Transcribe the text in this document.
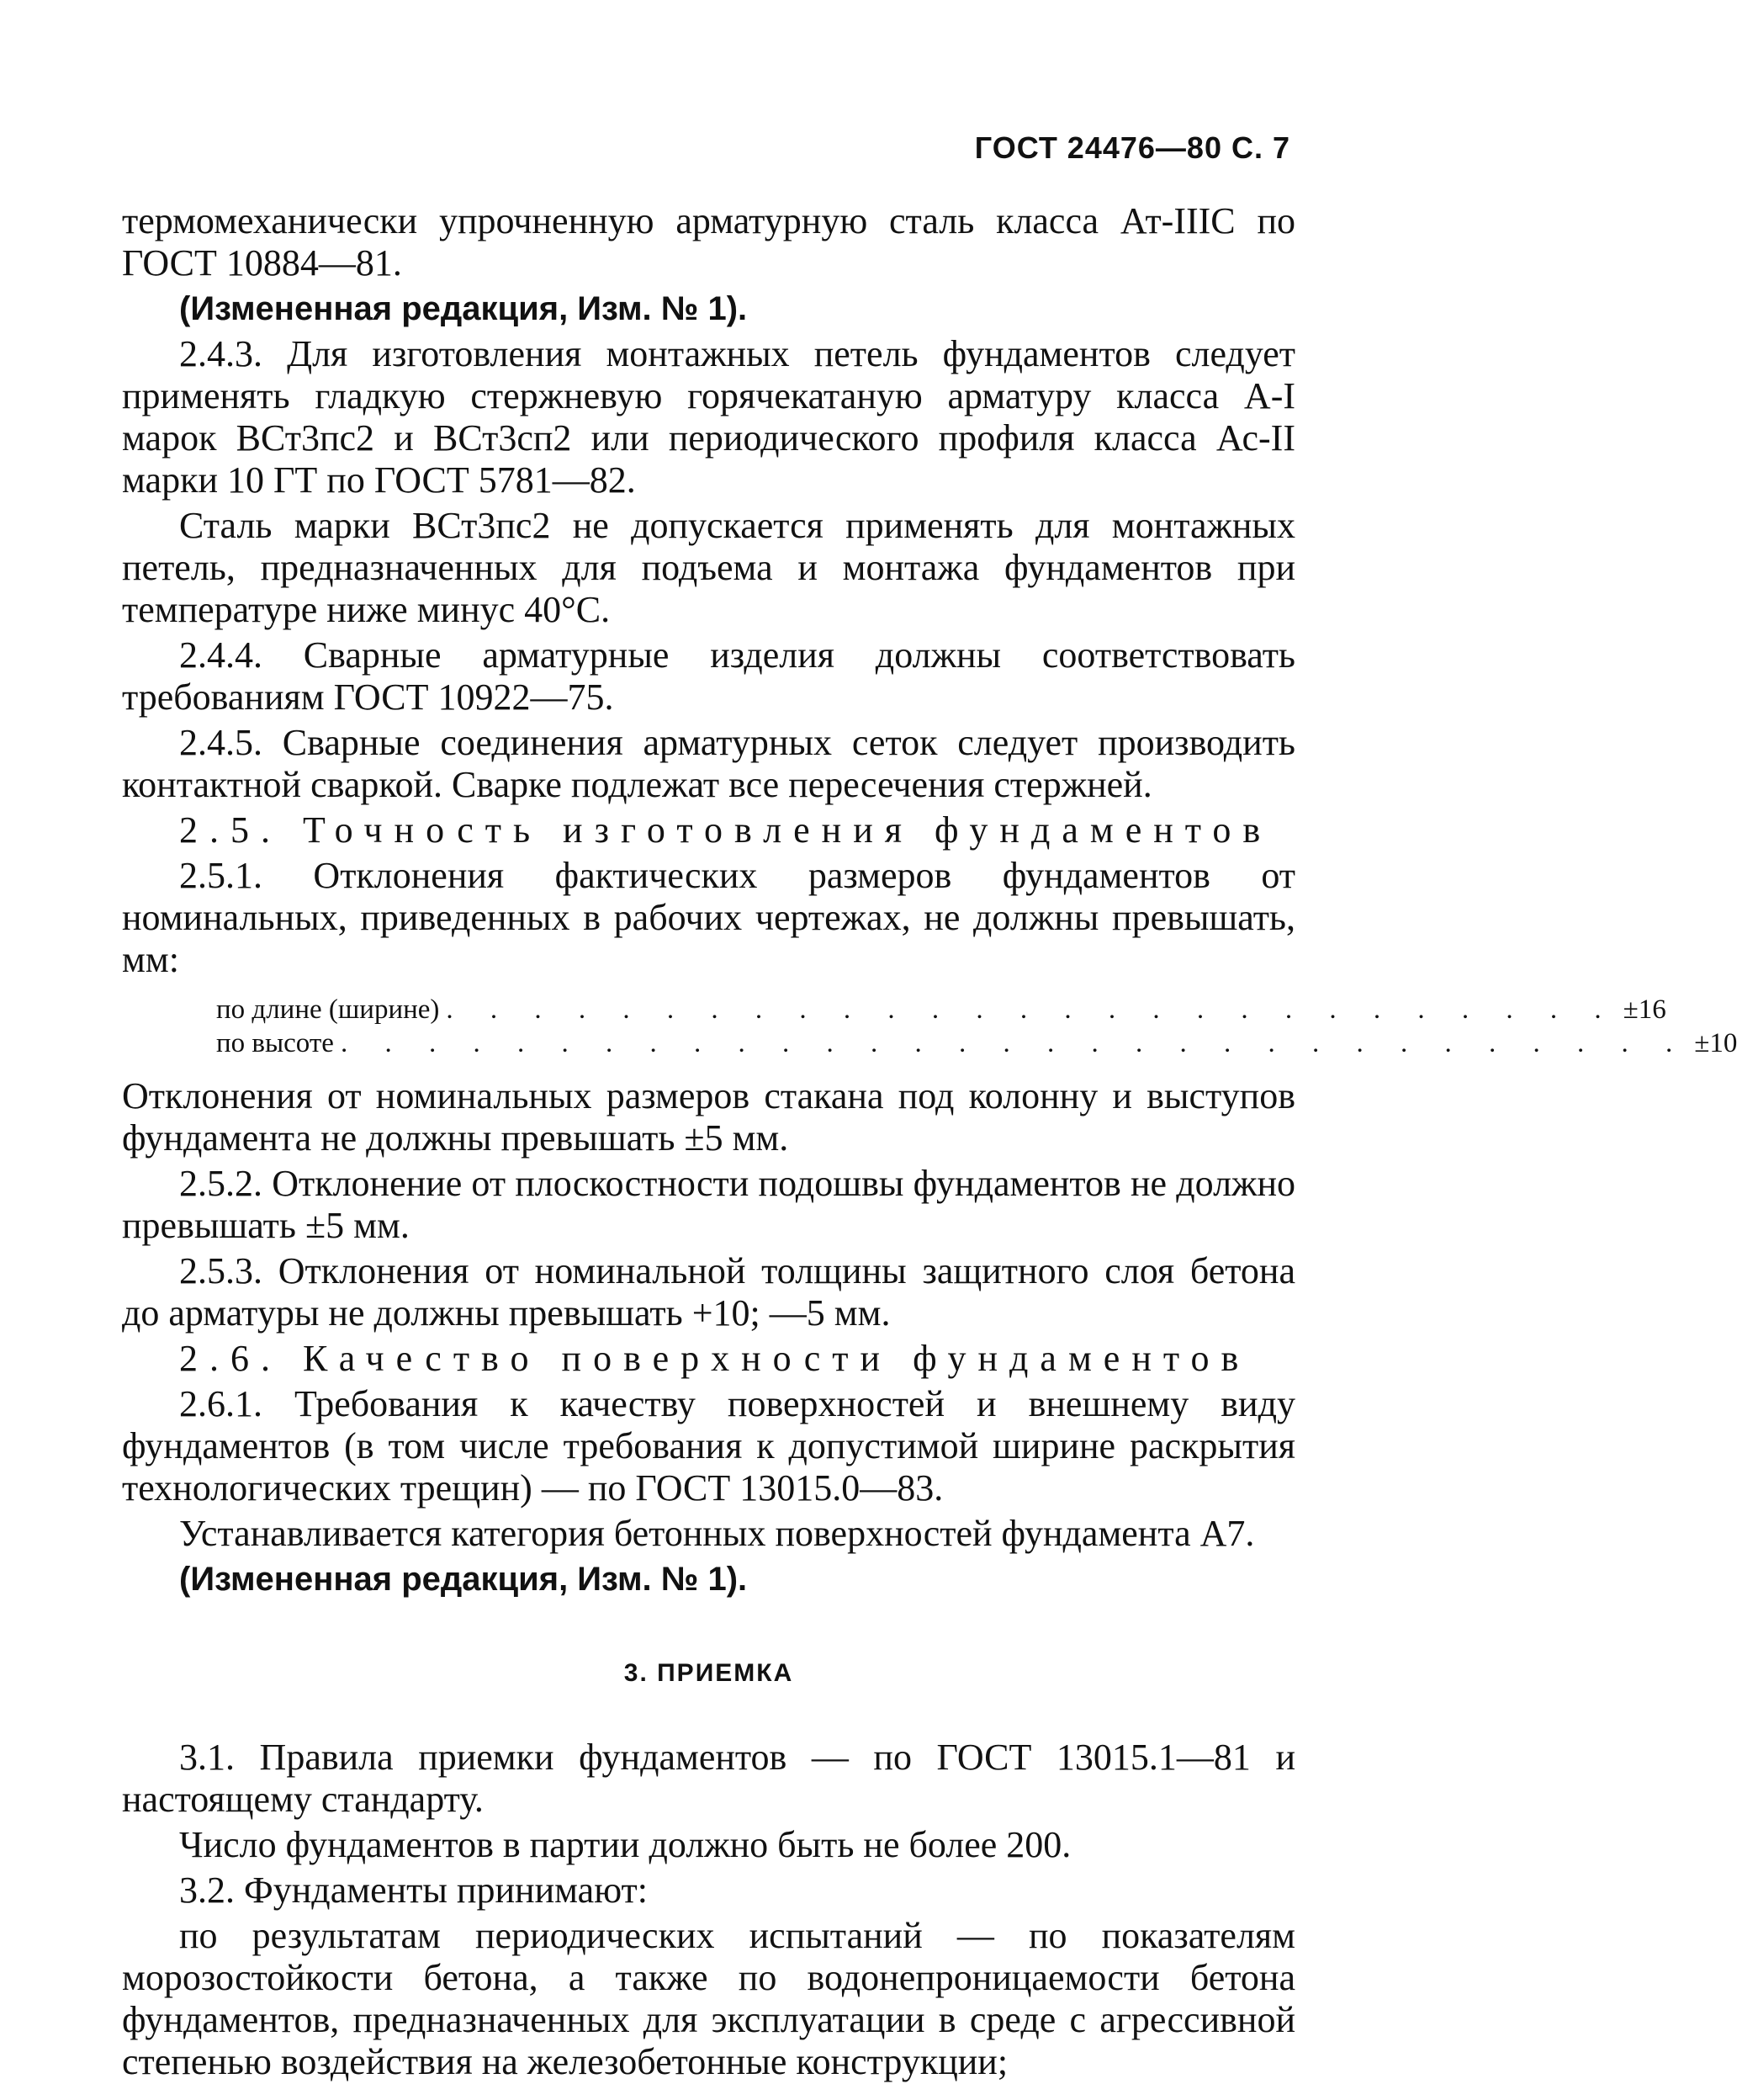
ГОСТ 24476—80 С. 7

термомеханически упрочненную арматурную сталь класса Ат-IIIС по ГОСТ 10884—81.

(Измененная редакция, Изм. № 1).

2.4.3. Для изготовления монтажных петель фундаментов следует применять гладкую стержневую горячекатаную арматуру класса А-I марок ВСт3пс2 и ВСт3сп2 или периодического профиля класса Ас-II марки 10 ГТ по ГОСТ 5781—82.

Сталь марки ВСт3пс2 не допускается применять для монтажных петель, предназначенных для подъема и монтажа фундаментов при температуре ниже минус 40°С.

2.4.4. Сварные арматурные изделия должны соответствовать требованиям ГОСТ 10922—75.

2.4.5. Сварные соединения арматурных сеток следует производить контактной сваркой. Сварке подлежат все пересечения стержней.

2.5. Точность изготовления фундаментов

2.5.1. Отклонения фактических размеров фундаментов от номинальных, приведенных в рабочих чертежах, не должны превышать, мм:

по длине (ширине) . . . . . . . . . . . . . . . . . . . . . . . . . . . ±16
по высоте . . . . . . . . . . . . . . . . . . . . . . . . . . . . . . . ±10

Отклонения от номинальных размеров стакана под колонну и выступов фундамента не должны превышать ±5 мм.

2.5.2. Отклонение от плоскостности подошвы фундаментов не должно превышать ±5 мм.

2.5.3. Отклонения от номинальной толщины защитного слоя бетона до арматуры не должны превышать +10; —5 мм.

2.6. Качество поверхности фундаментов

2.6.1. Требования к качеству поверхностей и внешнему виду фундаментов (в том числе требования к допустимой ширине раскрытия технологических трещин) — по ГОСТ 13015.0—83.

Устанавливается категория бетонных поверхностей фундамента А7.

(Измененная редакция, Изм. № 1).

3. ПРИЕМКА

3.1. Правила приемки фундаментов — по ГОСТ 13015.1—81 и настоящему стандарту.

Число фундаментов в партии должно быть не более 200.

3.2. Фундаменты принимают:

по результатам периодических испытаний — по показателям морозостойкости бетона, а также по водонепроницаемости бетона фундаментов, предназначенных для эксплуатации в среде с агрессивной степенью воздействия на железобетонные конструкции;
